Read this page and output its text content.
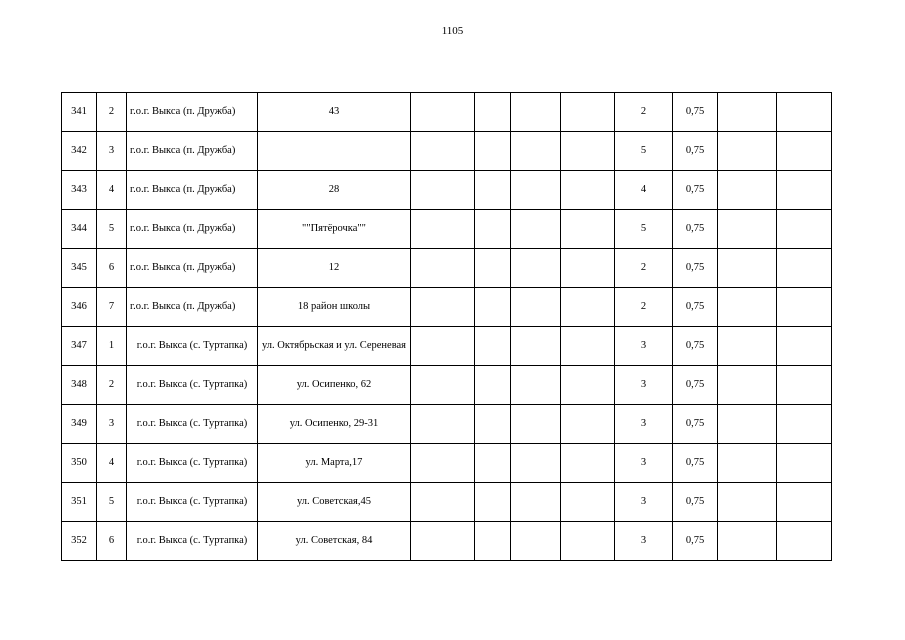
1105
341	2	г.о.г. Выкса (п. Дружба)	43					2	0,75		
342	3	г.о.г. Выкса (п. Дружба)						5	0,75		
343	4	г.о.г. Выкса (п. Дружба)	28					4	0,75		
344	5	г.о.г. Выкса (п. Дружба)	""Пятёрочка""					5	0,75		
345	6	г.о.г. Выкса (п. Дружба)	12					2	0,75		
346	7	г.о.г. Выкса (п. Дружба)	18 район школы					2	0,75		
347	1	г.о.г. Выкса (с. Туртапка)	ул. Октябрьская и ул. Сереневая					3	0,75		
348	2	г.о.г. Выкса (с. Туртапка)	ул. Осипенко, 62					3	0,75		
349	3	г.о.г. Выкса (с. Туртапка)	ул. Осипенко, 29-31					3	0,75		
350	4	г.о.г. Выкса (с. Туртапка)	ул. Марта,17					3	0,75		
351	5	г.о.г. Выкса (с. Туртапка)	ул. Советская,45					3	0,75		
352	6	г.о.г. Выкса (с. Туртапка)	ул. Советская, 84					3	0,75		
